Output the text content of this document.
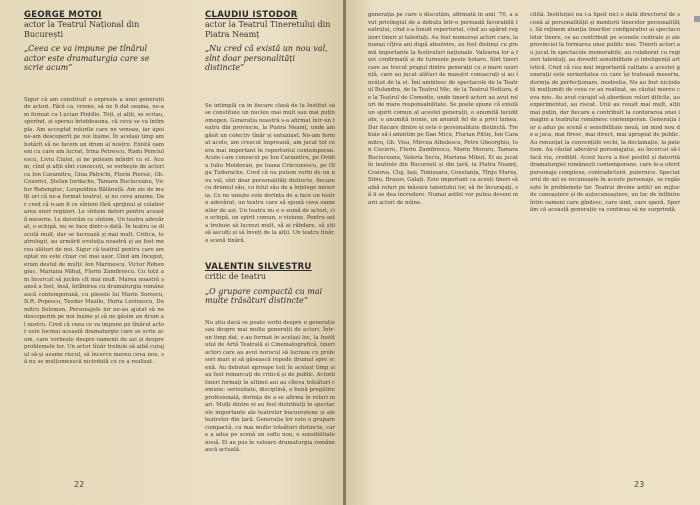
GEORGE MOTOI
actor la Teatrul Național din București
„Ceea ce va impune pe tînărul actor este dramaturgia care se scrie acum”
Sigur că am constituit o expresie a unei generații de actori. Fără ca, vreme, să ne fi dat seama, ne-am format cu Lucian Pintilie. Toți, și alții, se scriau, sperînd, și sperau întotdeauna, că ceva se va întîmpla. Am acceptat rolurile care ne veneau, iar apoi ne-am descoperit pe noi înșine. În același timp am hotărît să ne facem un drum al nostru. Există oameni cu care am lucrat, Irina Petrescu, Radu Penciulescu, Liviu Ciulei, și ne puteam mîndri cu ei. Acum, cînd și alții sînt cunoscuți, se vorbește de actori ca Ion Caramitru, Gina Patrichi, Florin Piersic, Gh. Cozorici, Ștefan Iordache, Tamara Buciuceanu, Victor Rebengiuc, Leopoldina Bălănuță. Am zis de mulți ori că ne-a format teatrul, și nu ceva anume. Dar cred că n-am fi ce sîntem fără sprijinul și colaborarea unor regizori. Le sîntem datori pentru această meserie. Le datorăm ce sîntem. Un teatru adevărat, o echipă, nu se face dintr-o dată. În teatru se discută mult, dar se lucrează și mai mult. Critica, teatrologii, au urmărit evoluția noastră și au fost mereu alături de noi. Sigur că teatrul pentru care am optat nu este chiar cel mai ușor. Cînd am început, eram destul de mulți: Ion Marinescu, Victor Rebengiuc, Mariana Mihuț, Florin Zamfirescu. Cu toții am încercat să jucăm cît mai mult. Marea noastră șansă a fost, însă, întîlnirea cu dramaturgia românească contemporană, cu piesele lui Marin Sorescu, D.R. Popescu, Teodor Mazilu, Horia Lovinescu, Dumitru Solomon. Personajele lor ne-au ajutat să ne descoperim pe noi înșine și să ne găsim un drum al nostru. Cred că ceea ce va impune pe tînărul actor este tocmai această dramaturgie care se scrie acum, care vorbește despre oamenii de azi și despre problemele lor. Un actor tînăr trebuie să aibă curajul să-și asume riscul, să încerce mereu ceva nou, să nu se mulțumească niciodată cu ce a realizat.
CLAUDIU ISTODOR
actor la Teatrul Tineretului din Piatra Neamț
„Nu cred că există un nou val, sînt doar personalități distincte”
Se intîmplă ca în fiecare clasă de la Institut să se constituie un nucleu mai mult sau mai puțin omogen. Generația noastră s-a afirmat într-un teatru din provincie, la Piatra Neamț, unde am găsit un colectiv tînăr și entuziast. Ne-am format acolo, am crescut împreună, am jucat tot ce era mai important în repertoriul contemporan. Acolo i-am cunoscut pe Ion Caramitru, pe Ovidiu Iuliu Moldovan, pe Ioana Crăciunescu, pe Olga Tudorache. Cred că nu putem vorbi de un nou val, sînt doar personalități distincte, fiecare cu drumul său, cu felul său de a înțelege meseria. Ce ne unește este dorința de a face un teatru adevărat, un teatru care să spună ceva oamenilor de azi. Un teatru nu e o sumă de actori, ci o echipă, un spirit comun, o viziune. Pentru asta trebuie să lucrezi mult, să ai răbdare, să știi să asculți și să înveți de la alții. Un teatru tînăr, o scenă tînără.
VALENTIN SILVESTRU
critic de teatru
„O grupare compactă cu mai multe trăsături distincte”
Nu știu dacă se poate vorbi despre o generație sau despre mai multe generații de actori. Într-un timp dat, s-au format în același loc, la Institutul de Artă Teatrală și Cinematografică, tineri actori care au avut norocul să lucreze cu profesori mari și să găsească repede drumul spre scenă. Au debutat aproape toți în același timp și au fost remarcați de critică și de public. Actorii tineri formați în ultimii ani au cîteva trăsături comune: seriozitate, disciplină, o bună pregătire profesională, dorința de a se afirma în roluri mari. Mulți dintre ei au fost distribuiți în spectacole importante ale teatrelor bucureștene și ale teatrelor din țară. Generația lor este o grupare compactă, cu mai multe trăsături distincte, care a adus pe scenă un suflu nou, o sensibilitate nouă. Ei au pus în valoare dramaturgia românească actuală.
22
generația pe care o discutăm, afirmată în anii ’70, a avut privilegiul de a debuta într-o perioadă favorabilă teatrului, cînd s-a înnoit repertoriul, cînd au apărut regizori tineri și talentați. Au fost numeroși actori care, la numai cîțiva ani după absolvire, au fost distinși cu premii importante la festivaluri naționale. Valoarea lor a fost confirmată și de turneele peste hotare. Sînt tineri care au trecut pragul dintre generații cu o mare ușurință, care au jucat alături de maeștri consacrați și au învățat de la ei. Îmi amintesc de spectacole de la Teatrul Bulandra, de la Teatrul Mic, de la Teatrul Nottara, de la Teatrul de Comedie, unde tinerii actori au avut roluri de mare responsabilitate. Se poate spune că există un spirit comun al acestei generații, o anumită luciditate, o anumită ironie, un anumit fel de a privi lumea. Dar fiecare dintre ei este o personalitate distinctă. Trebuie să-i amintim pe Dan Micu, Florian Pittiș, Ion Caramitru, Gh. Visu, Mircea Albulescu, Petre Gheorghiu, Ion Cocieru, Florin Zamfirescu, Marin Moraru, Tamara Buciuceanu, Valeria Seciu, Mariana Mihuț. Ei au jucat în teatrele din București și din țară, la Piatra Neamț, Craiova, Cluj, Iași, Timișoara, Constanța, Tîrgu Mureș, Sibiu, Brașov, Galați. Este important ca acești tineri să aibă roluri pe măsura talentului lor, să fie încurajați, să li se dea încredere. Numai astfel vor putea deveni marii actori de mîine.
cilită. Instituției nu i-a lipsit nici o dată directorul de scenă al personalității și mentorii tinerelor personalități. Să reținem atenția tinerilor configurativi ai spectacolelor tinere, ce au contribuit pe scenele centrale și ale provinciei la formarea unui public nou. Tinerii actori au jucat în spectacole memorabile, au colaborat cu regizori talentați, au dovedit sensibilitate și inteligență artistică. Cred că cea mai importantă calitate a acestei generații este seriozitatea cu care își tratează meseria, dorința de perfecționare, modestia. Nu au fost niciodată mulțumiți de ceea ce au realizat, au căutat mereu ceva nou. Au avut curajul să abordeze roluri dificile, au experimentat, au riscat. Unii au reușit mai mult, alții mai puțin, dar fiecare a contribuit la conturarea unei imagini a teatrului românesc contemporan. Generația lor a adus pe scenă o sensibilitate nouă, un mod nou de a juca, mai firesc, mai direct, mai apropiat de public. Au renunțat la convențiile vechi, la declamație, la patetism. Au căutat adevărul personajului, au încercat să-l facă viu, credibil. Acest lucru a fost posibil și datorită dramaturgiei românești contemporane, care le-a oferit personaje complexe, contradictorii, puternice. Spectatorul de azi se recunoaște în aceste personaje, se regăsește în problemele lor. Teatrul devine astfel un mijloc de cunoaștere și de autocunoaștere, un loc de întîlnire între oameni care gîndesc, care simt, care speră. Sperăm că această generație va continua să ne surprindă.
23
